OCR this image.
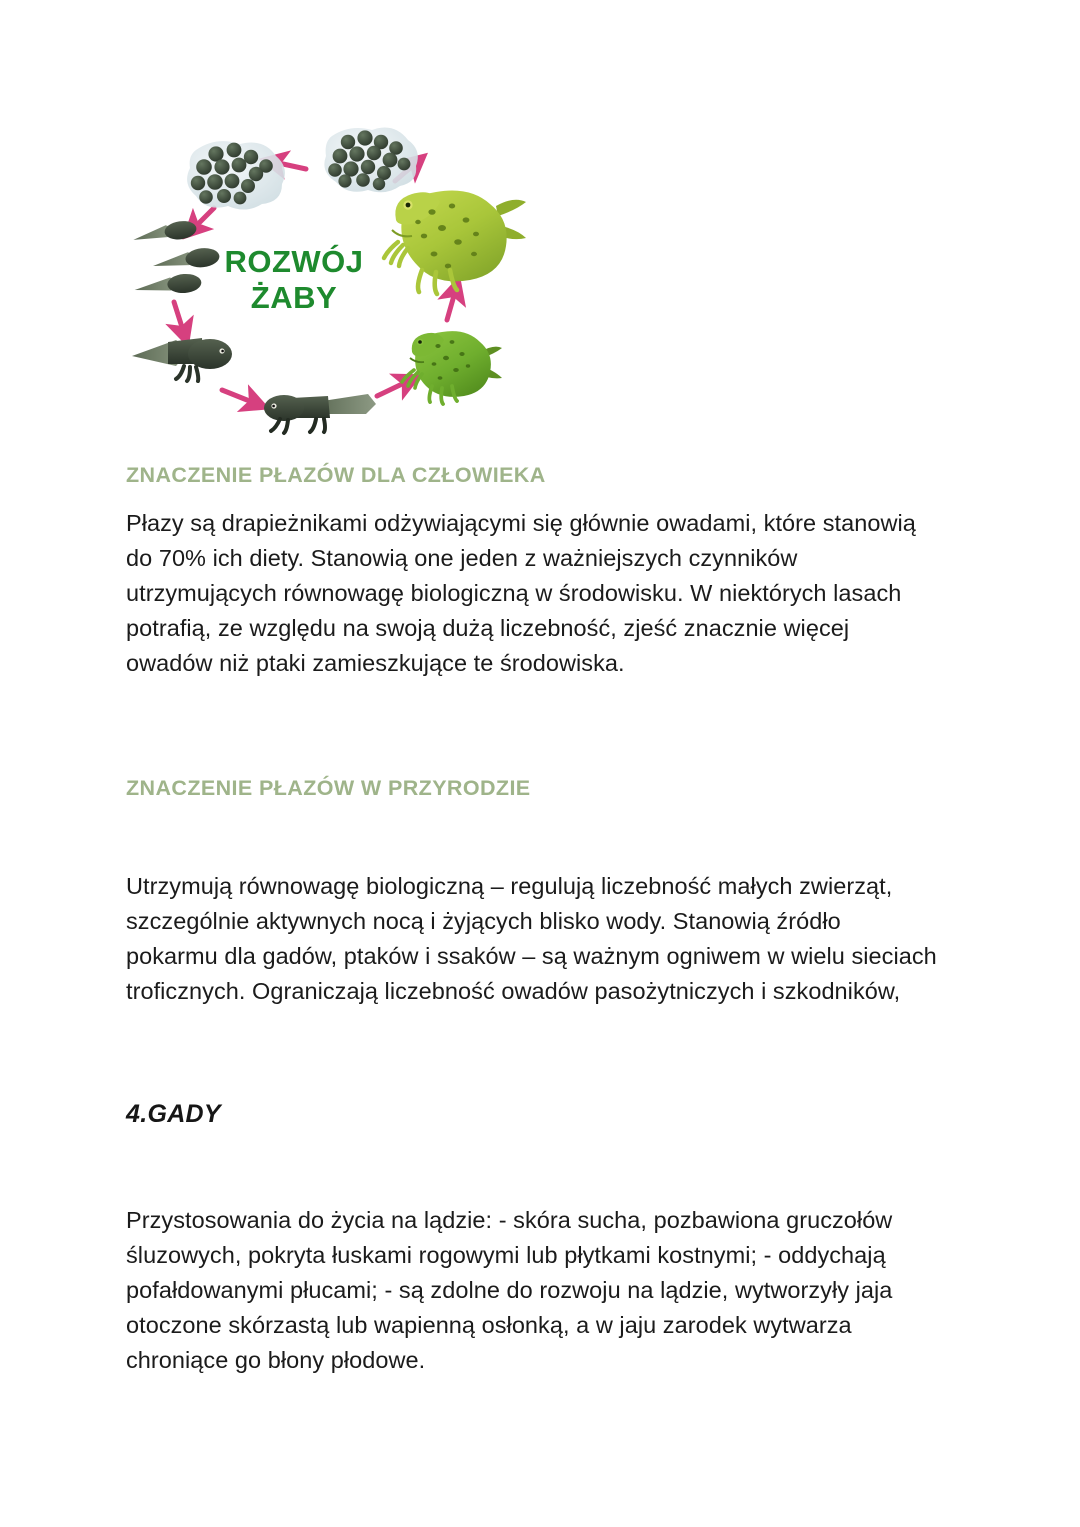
ROZWÓJ
ŻABY
ZNACZENIE PŁAZÓW DLA CZŁOWIEKA
Płazy są drapieżnikami odżywiającymi się głównie owadami, które stanowią do 70% ich diety. Stanowią one jeden z ważniejszych czynników utrzymujących równowagę biologiczną w środowisku. W niektórych lasach potrafią, ze względu na swoją dużą liczebność, zjeść znacznie więcej owadów niż ptaki zamieszkujące te środowiska.
ZNACZENIE PŁAZÓW W PRZYRODZIE
Utrzymują równowagę biologiczną – regulują liczebność małych zwierząt, szczególnie aktywnych nocą i żyjących blisko wody. Stanowią źródło pokarmu dla gadów, ptaków i ssaków – są ważnym ogniwem w wielu sieciach troficznych. Ograniczają liczebność owadów pasożytniczych i szkodników,
4.GADY
Przystosowania do życia na lądzie: - skóra sucha, pozbawiona gruczołów śluzowych, pokryta łuskami rogowymi lub płytkami kostnymi; - oddychają pofałdowanymi płucami; - są zdolne do rozwoju na lądzie, wytworzyły jaja otoczone skórzastą lub wapienną osłonką, a w jaju zarodek wytwarza chroniące go błony płodowe.
